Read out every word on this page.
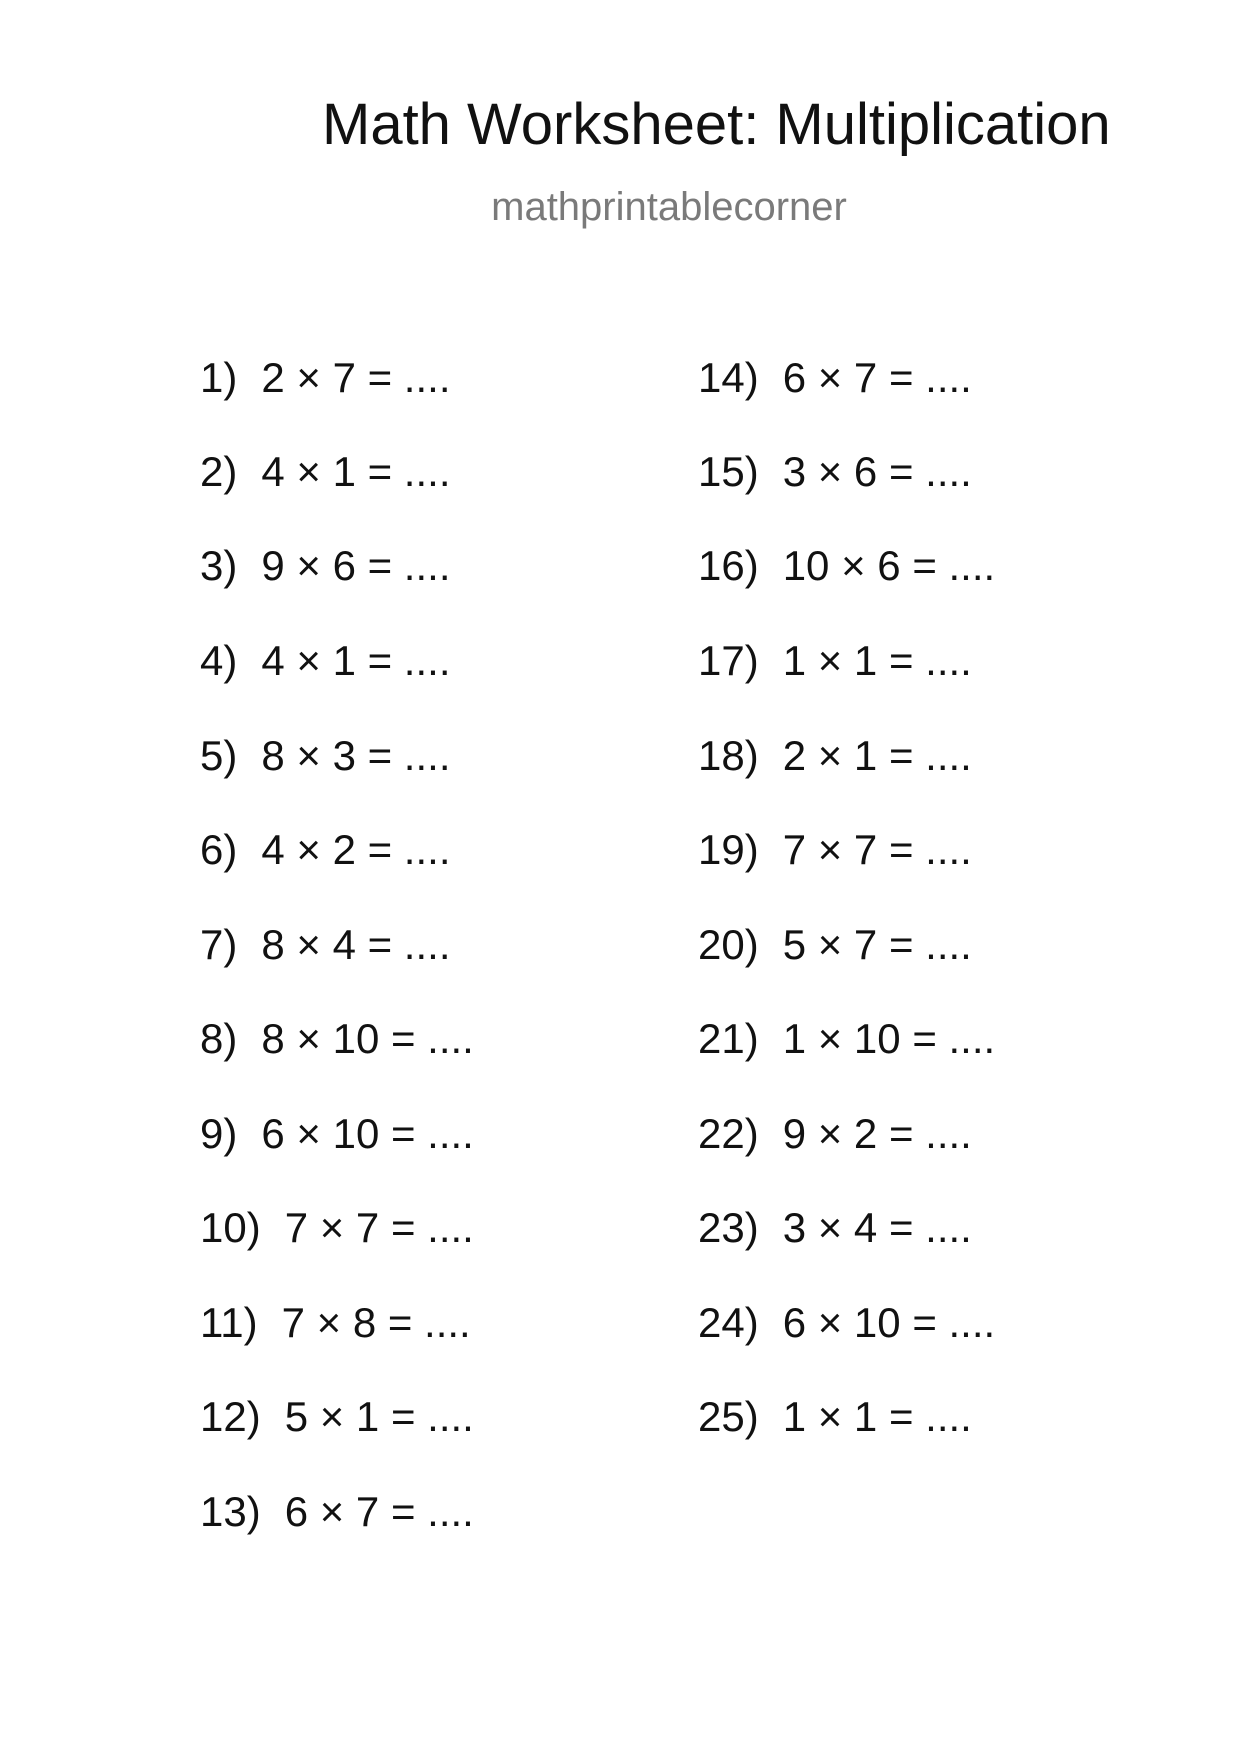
Math Worksheet: Multiplication
mathprintablecorner
1) 2 × 7 = ....
2) 4 × 1 = ....
3) 9 × 6 = ....
4) 4 × 1 = ....
5) 8 × 3 = ....
6) 4 × 2 = ....
7) 8 × 4 = ....
8) 8 × 10 = ....
9) 6 × 10 = ....
10) 7 × 7 = ....
11) 7 × 8 = ....
12) 5 × 1 = ....
13) 6 × 7 = ....
14) 6 × 7 = ....
15) 3 × 6 = ....
16) 10 × 6 = ....
17) 1 × 1 = ....
18) 2 × 1 = ....
19) 7 × 7 = ....
20) 5 × 7 = ....
21) 1 × 10 = ....
22) 9 × 2 = ....
23) 3 × 4 = ....
24) 6 × 10 = ....
25) 1 × 1 = ....
